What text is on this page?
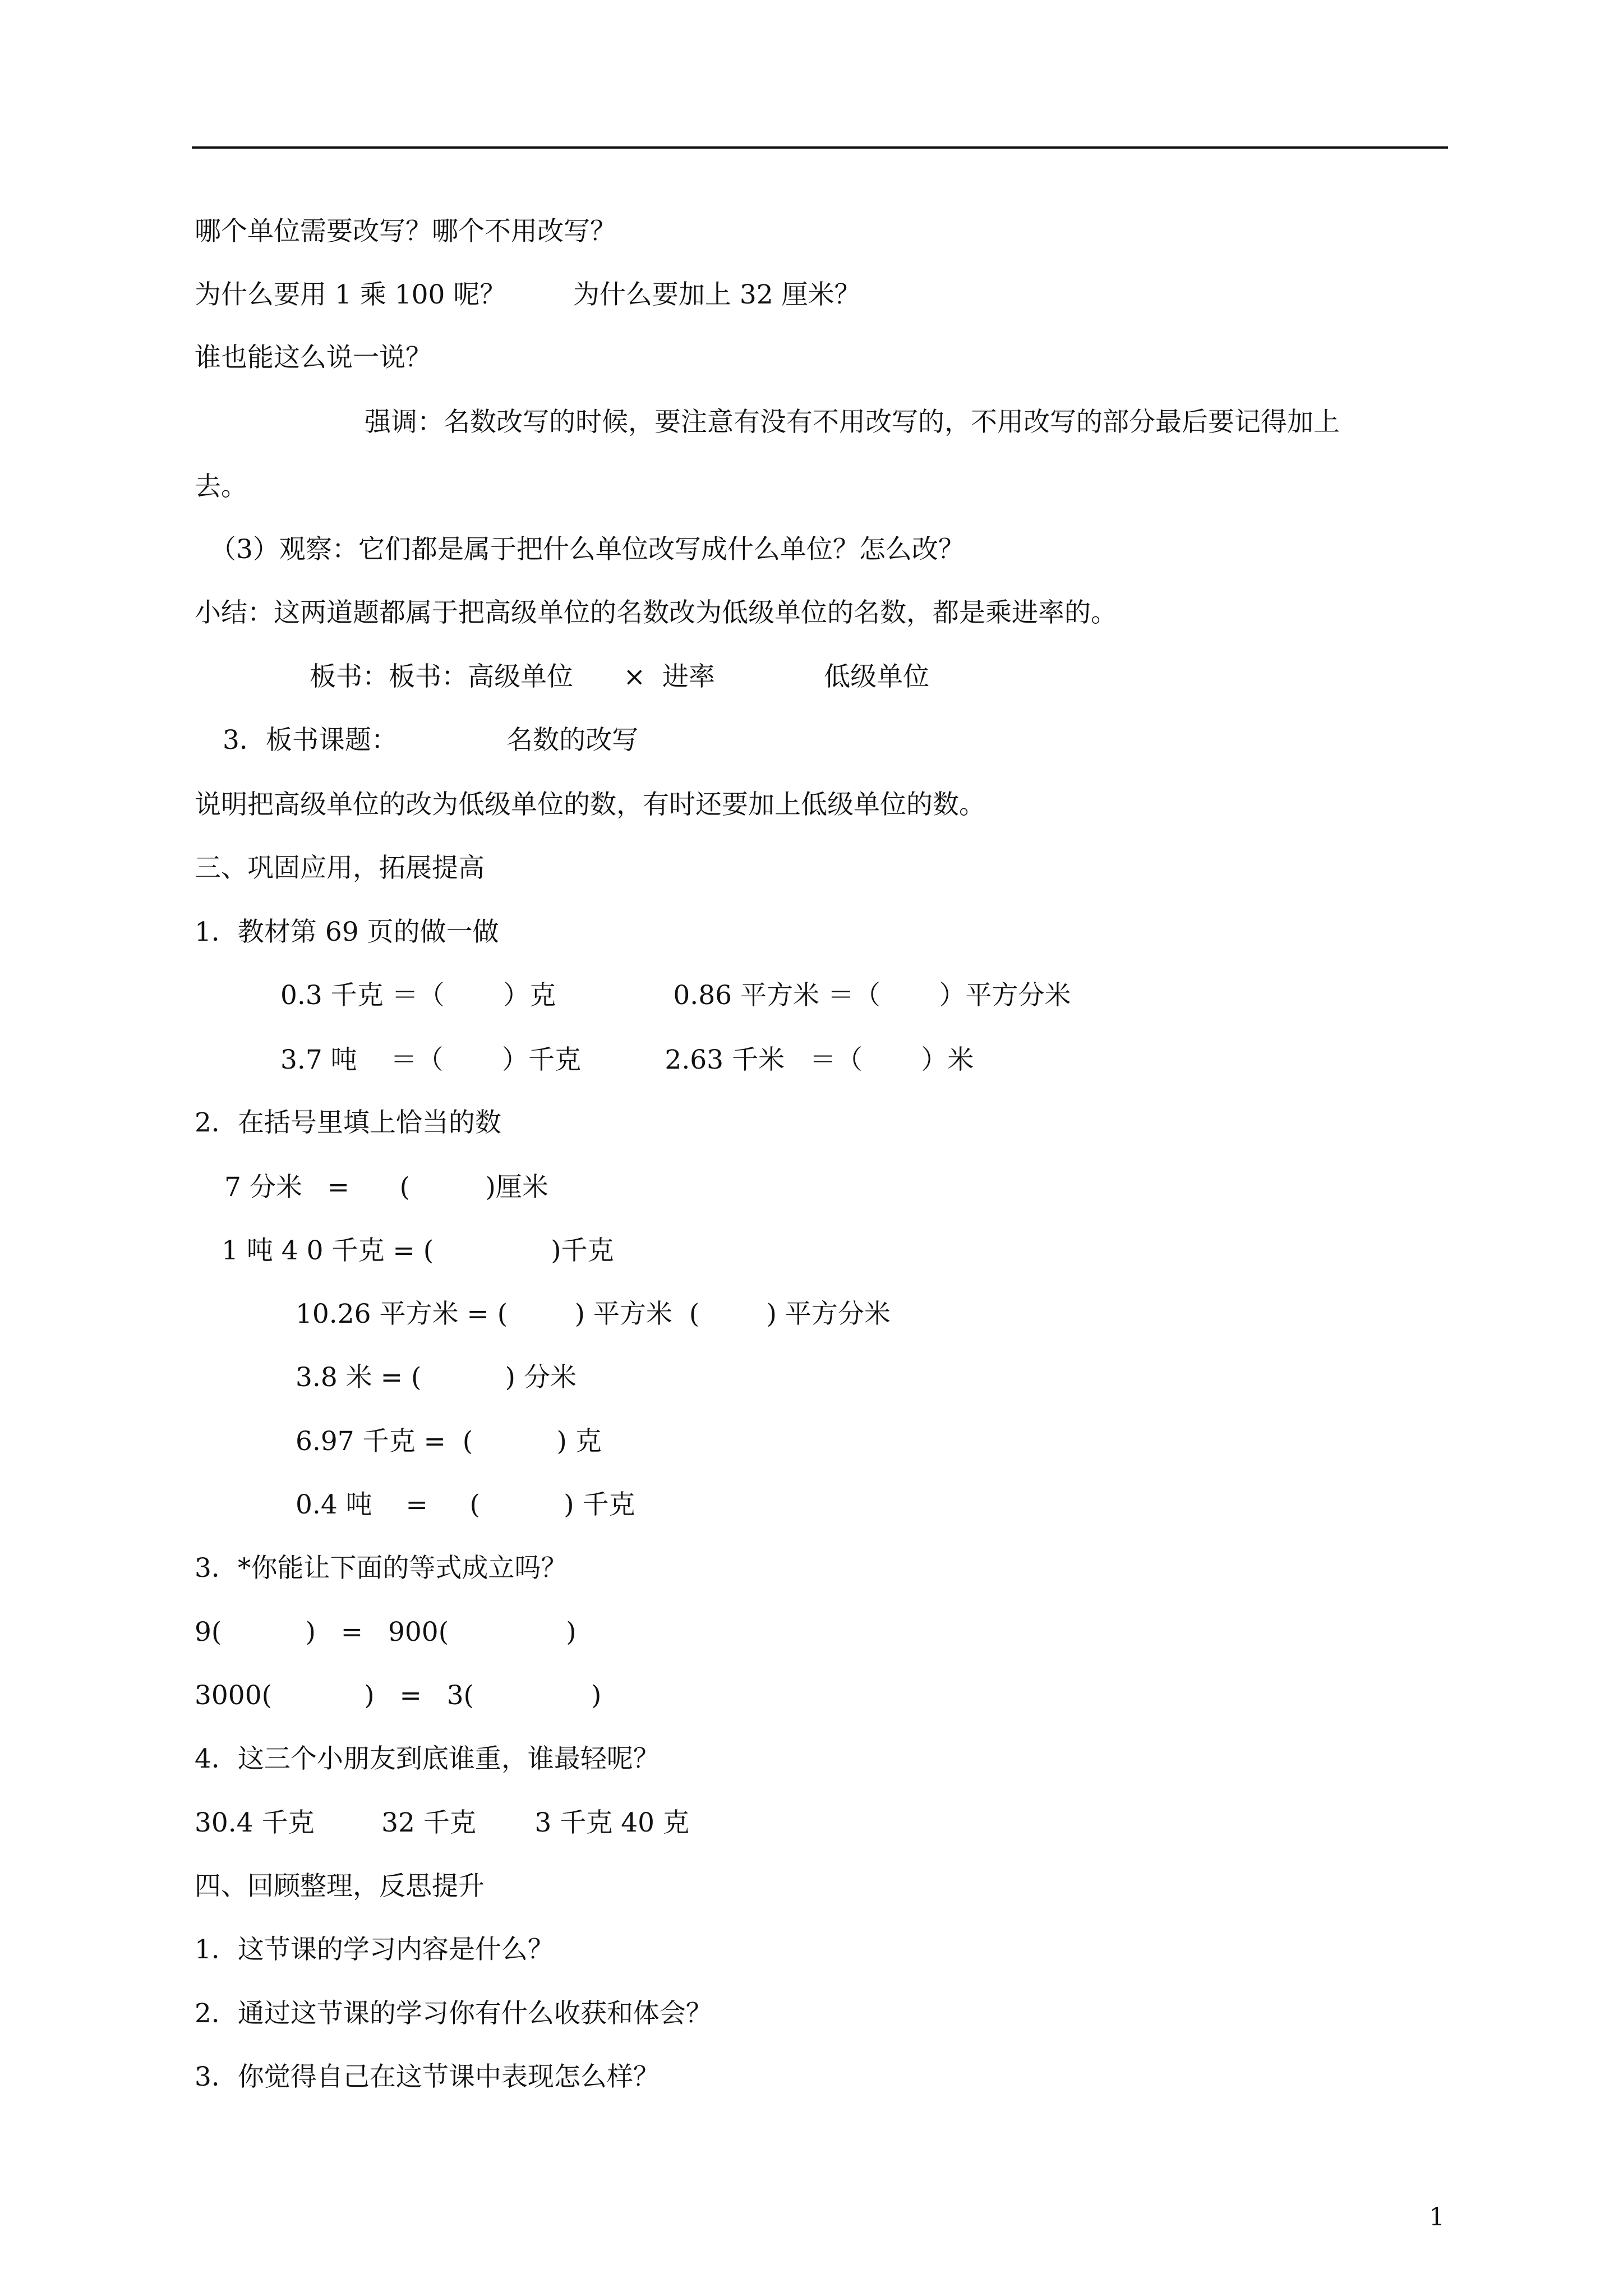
哪个单位需要改写？哪个不用改写？
为什么要用 1 乘 100 呢？        为什么要加上 32 厘米？
谁也能这么说一说？
强调：名数改写的时候，要注意有没有不用改写的，不用改写的部分最后要记得加上
去。
（3）观察：它们都是属于把什么单位改写成什么单位？怎么改？
小结：这两道题都属于把高级单位的名数改为低级单位的名数，都是乘进率的。
板书：板书：高级单位      ×  进率             低级单位
3．板书课题：             名数的改写
说明把高级单位的改为低级单位的数，有时还要加上低级单位的数。
三、巩固应用，拓展提高
1．教材第 69 页的做一做
0.3 千克 ＝（       ）克              0.86 平方米 ＝（       ）平方分米
3.7 吨    ＝（       ）千克          2.63 千米   ＝（       ）米
2．在括号里填上恰当的数
7 分米   =      (         )厘米
1 吨 4 0 千克 = (              )千克
10.26 平方米 = (        ) 平方米  (        ) 平方分米
3.8 米 = (          ) 分米
6.97 千克 =  (          ) 克
0.4 吨    =     (          ) 千克
3．*你能让下面的等式成立吗？
9(          )   =   900(              )
3000(           )   =   3(              )
4．这三个小朋友到底谁重，谁最轻呢？
30.4 千克        32 千克       3 千克 40 克
四、回顾整理，反思提升
1．这节课的学习内容是什么？
2．通过这节课的学习你有什么收获和体会？
3．你觉得自己在这节课中表现怎么样？
1
